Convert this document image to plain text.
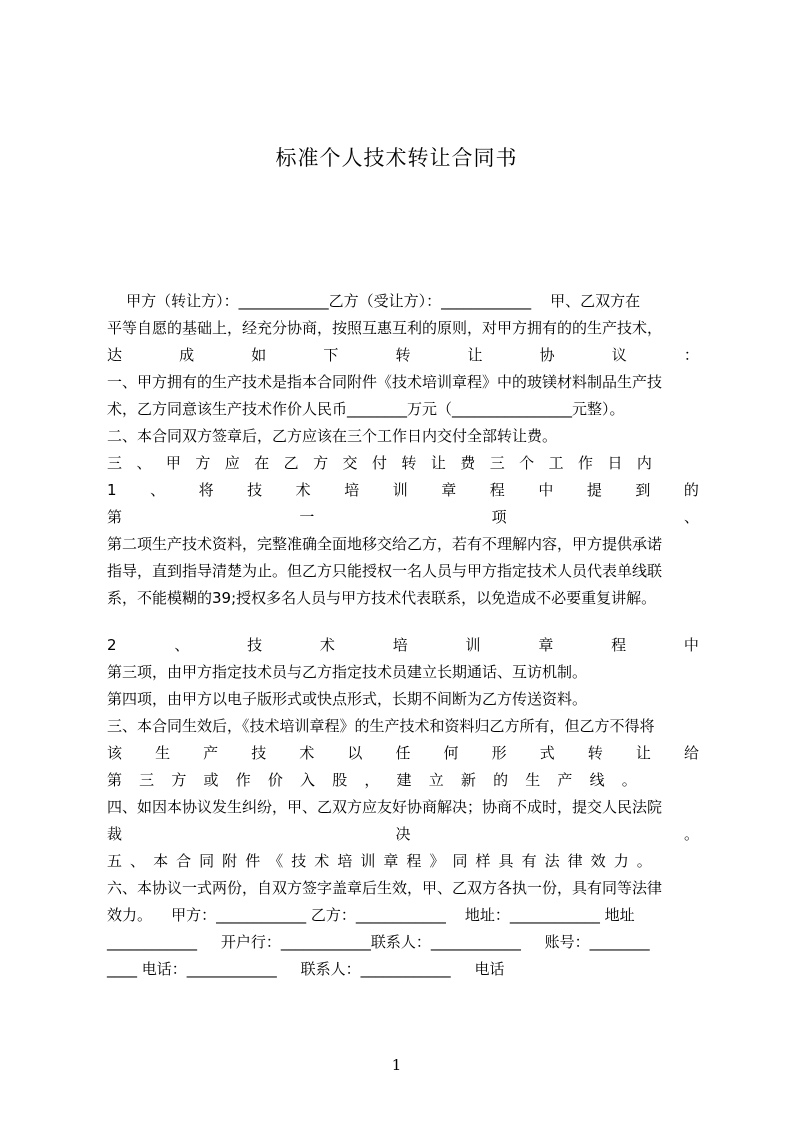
标准个人技术转让合同书
甲方（转让方）：____________乙方（受让方）：____________    甲、乙双方在
平等自愿的基础上，经充分协商，按照互惠互利的原则，对甲方拥有的的生产技术，
达	成	如	下	转	让	协	议	：
一、甲方拥有的生产技术是指本合同附件《技术培训章程》中的玻镁材料制品生产技
术，乙方同意该生产技术作价人民币________万元（________________元整）。
二、本合同双方签章后，乙方应该在三个工作日内交付全部转让费。
三 、 甲 方 应 在 乙 方 交 付 转 让 费 三 个 工 作 日 内
1 、 将 技 术 培 训 章 程 中 提 到 的
第	一	项	、
第二项生产技术资料，完整准确全面地移交给乙方，若有不理解内容，甲方提供承诺
指导，直到指导清楚为止。但乙方只能授权一名人员与甲方指定技术人员代表单线联
系，不能模糊的39;授权多名人员与甲方技术代表联系，以免造成不必要重复讲解。
2	、	技	术	培	训	章	程	中
第三项，由甲方指定技术员与乙方指定技术员建立长期通话、互访机制。
第四项，由甲方以电子版形式或快点形式，长期不间断为乙方传送资料。
三、本合同生效后，《技术培训章程》的生产技术和资料归乙方所有，但乙方不得将
该 生 产 技 术 以 任 何 形 式 转 让 给
第 三 方 或 作 价 入 股 ， 建 立 新 的 生 产 线 。
四、如因本协议发生纠纷，甲、乙双方应友好协商解决；协商不成时，提交人民法院
裁	决	。
五 、 本 合 同 附 件 《 技 术 培 训 章 程 》 同 样 具 有 法 律 效 力 。
六、本协议一式两份，自双方签字盖章后生效，甲、乙双方各执一份，具有同等法律
效力。    甲方：____________ 乙方：____________    地址：____________ 地址
____________     开户行：____________联系人：____________     账号：________
____ 电话：____________     联系人：____________     电话
1
